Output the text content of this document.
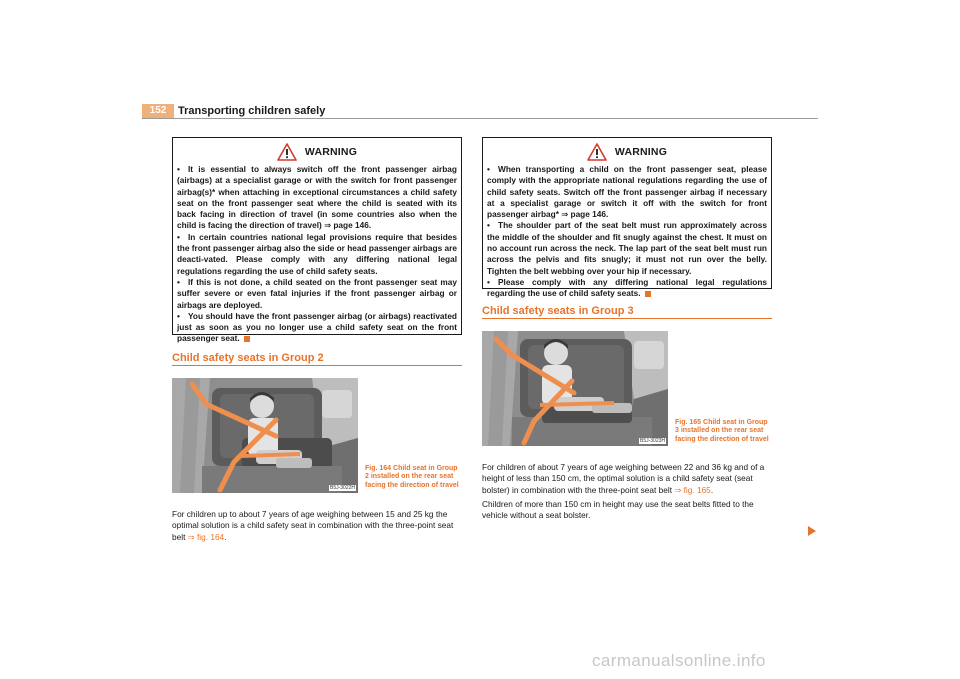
152	Transporting children safely
WARNING
• It is essential to always switch off the front passenger airbag (airbags) at a specialist garage or with the switch for front passenger airbag(s)* when attaching in exceptional circumstances a child safety seat on the front passenger seat where the child is seated with its back facing in direction of travel (in some countries also when the child is facing the direction of travel) ⇒ page 146.
• In certain countries national legal provisions require that besides the front passenger airbag also the side or head passenger airbags are deacti-vated. Please comply with any differing national legal regulations regarding the use of child safety seats.
• If this is not done, a child seated on the front passenger seat may suffer severe or even fatal injuries if the front passenger airbag or airbags are deployed.
• You should have the front passenger airbag (or airbags) reactivated just as soon as you no longer use a child safety seat on the front passenger seat.
WARNING
• When transporting a child on the front passenger seat, please comply with the appropriate national regulations regarding the use of child safety seats. Switch off the front passenger airbag if necessary at a specialist garage or switch it off with the switch for front passenger airbag* ⇒ page 146.
• The shoulder part of the seat belt must run approximately across the middle of the shoulder and fit snugly against the chest. It must on no account run across the neck. The lap part of the seat belt must run across the pelvis and fits snugly; it must not run over the belly. Tighten the belt webbing over your hip if necessary.
• Please comply with any differing national legal regulations regarding the use of child safety seats.
Child safety seats in Group 2
B5J-3022H
Fig. 164 Child seat in Group 2 installed on the rear seat facing the direction of travel

For children up to about 7 years of age weighing between 15 and 25 kg the optimal solution is a child safety seat in combination with the three-point seat belt ⇒ fig. 164.

Child safety seats in Group 3
B5J-3023H
Fig. 165 Child seat in Group 3 installed on the rear seat facing the direction of travel

For children of about 7 years of age weighing between 22 and 36 kg and of a height of less than 150 cm, the optimal solution is a child safety seat (seat bolster) in combination with the three-point seat belt ⇒ fig. 165.

Children of more than 150 cm in height may use the seat belts fitted to the vehicle without a seat bolster.

carmanualsonline.info
